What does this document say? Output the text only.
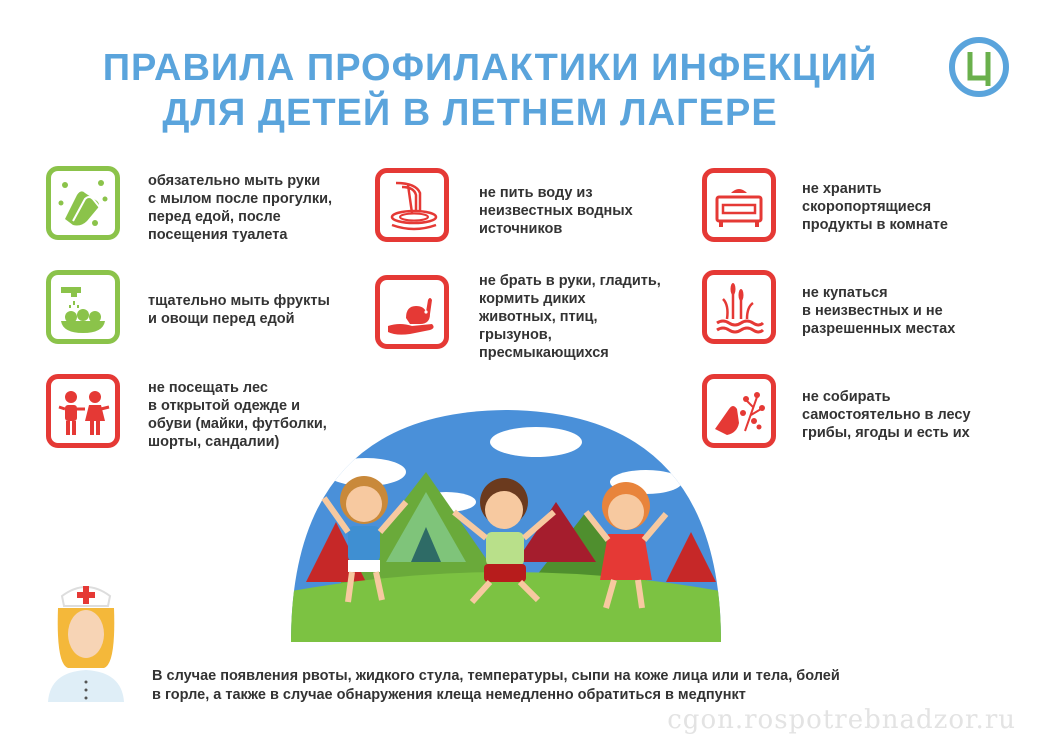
ПРАВИЛА ПРОФИЛАКТИКИ ИНФЕКЦИЙ
ДЛЯ ДЕТЕЙ В ЛЕТНЕМ ЛАГЕРЕ
обязательно мыть руки
с мылом после прогулки,
перед едой, после
посещения туалета
тщательно мыть фрукты
и овощи перед едой
не посещать лес
в открытой одежде и
обуви (майки, футболки,
шорты, сандалии)
не пить воду из
неизвестных водных
источников
не брать в руки, гладить,
кормить диких
животных, птиц,
грызунов,
пресмыкающихся
не хранить
скоропортящиеся
продукты в комнате
не купаться
в неизвестных и не
разрешенных местах
не собирать
самостоятельно в лесу
грибы, ягоды и есть их
В случае появления рвоты, жидкого стула, температуры, сыпи на коже лица или и тела, болей
в горле, а также в случае обнаружения клеща немедленно обратиться в медпункт
cgon.rospotrebnadzor.ru
